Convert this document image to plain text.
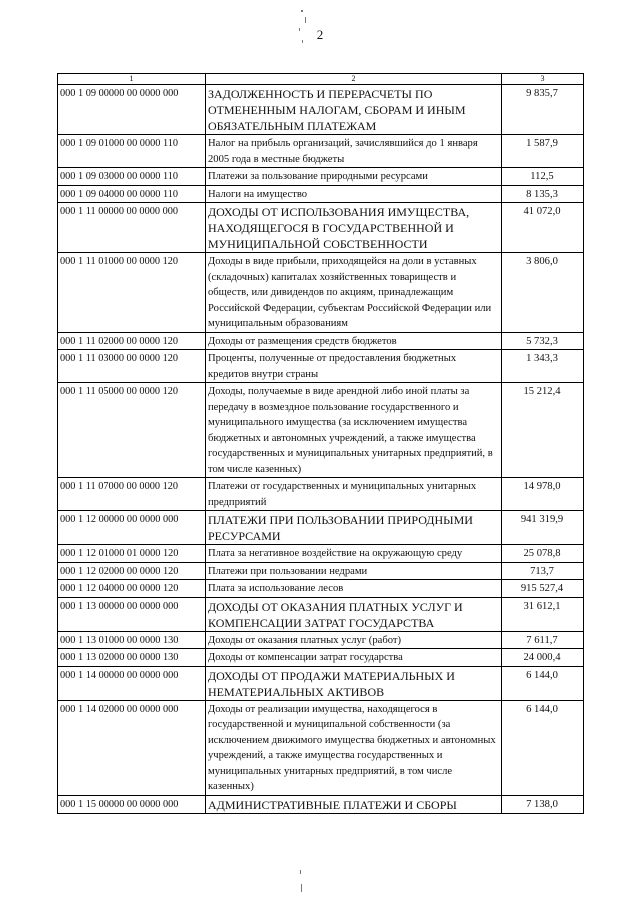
2
1	2	3
000 1 09 00000 00 0000 000	ЗАДОЛЖЕННОСТЬ И ПЕРЕРАСЧЕТЫ ПО ОТМЕНЕННЫМ НАЛОГАМ, СБОРАМ И ИНЫМ ОБЯЗАТЕЛЬНЫМ ПЛАТЕЖАМ	9 835,7
000 1 09 01000 00 0000 110	Налог на прибыль организаций, зачислявшийся до 1 января 2005 года в местные бюджеты	1 587,9
000 1 09 03000 00 0000 110	Платежи за пользование природными ресурсами	112,5
000 1 09 04000 00 0000 110	Налоги на имущество	8 135,3
000 1 11 00000 00 0000 000	ДОХОДЫ ОТ ИСПОЛЬЗОВАНИЯ ИМУЩЕСТВА, НАХОДЯЩЕГОСЯ В ГОСУДАРСТВЕННОЙ И МУНИЦИПАЛЬНОЙ СОБСТВЕННОСТИ	41 072,0
000 1 11 01000 00 0000 120	Доходы в виде прибыли, приходящейся на доли в уставных (складочных) капиталах хозяйственных товариществ и обществ, или дивидендов по акциям, принадлежащим Российской Федерации, субъектам Российской Федерации или муниципальным образованиям	3 806,0
000 1 11 02000 00 0000 120	Доходы от размещения средств бюджетов	5 732,3
000 1 11 03000 00 0000 120	Проценты, полученные от предоставления бюджетных кредитов внутри страны	1 343,3
000 1 11 05000 00 0000 120	Доходы, получаемые в виде арендной либо иной платы за передачу в возмездное пользование государственного и муниципального имущества (за исключением имущества бюджетных и автономных учреждений, а также имущества государственных и муниципальных унитарных предприятий, в том числе казенных)	15 212,4
000 1 11 07000 00 0000 120	Платежи от государственных и муниципальных унитарных предприятий	14 978,0
000 1 12 00000 00 0000 000	ПЛАТЕЖИ ПРИ ПОЛЬЗОВАНИИ ПРИРОДНЫМИ РЕСУРСАМИ	941 319,9
000 1 12 01000 01 0000 120	Плата за негативное воздействие на окружающую среду	25 078,8
000 1 12 02000 00 0000 120	Платежи при пользовании недрами	713,7
000 1 12 04000 00 0000 120	Плата за использование лесов	915 527,4
000 1 13 00000 00 0000 000	ДОХОДЫ ОТ ОКАЗАНИЯ ПЛАТНЫХ УСЛУГ И КОМПЕНСАЦИИ ЗАТРАТ ГОСУДАРСТВА	31 612,1
000 1 13 01000 00 0000 130	Доходы от оказания платных услуг (работ)	7 611,7
000 1 13 02000 00 0000 130	Доходы от компенсации затрат государства	24 000,4
000 1 14 00000 00 0000 000	ДОХОДЫ ОТ ПРОДАЖИ МАТЕРИАЛЬНЫХ И НЕМАТЕРИАЛЬНЫХ АКТИВОВ	6 144,0
000 1 14 02000 00 0000 000	Доходы от реализации имущества, находящегося в государственной и муниципальной собственности (за исключением движимого имущества бюджетных и автономных учреждений, а также имущества государственных и муниципальных унитарных предприятий, в том числе казенных)	6 144,0
000 1 15 00000 00 0000 000	АДМИНИСТРАТИВНЫЕ ПЛАТЕЖИ И СБОРЫ	7 138,0
